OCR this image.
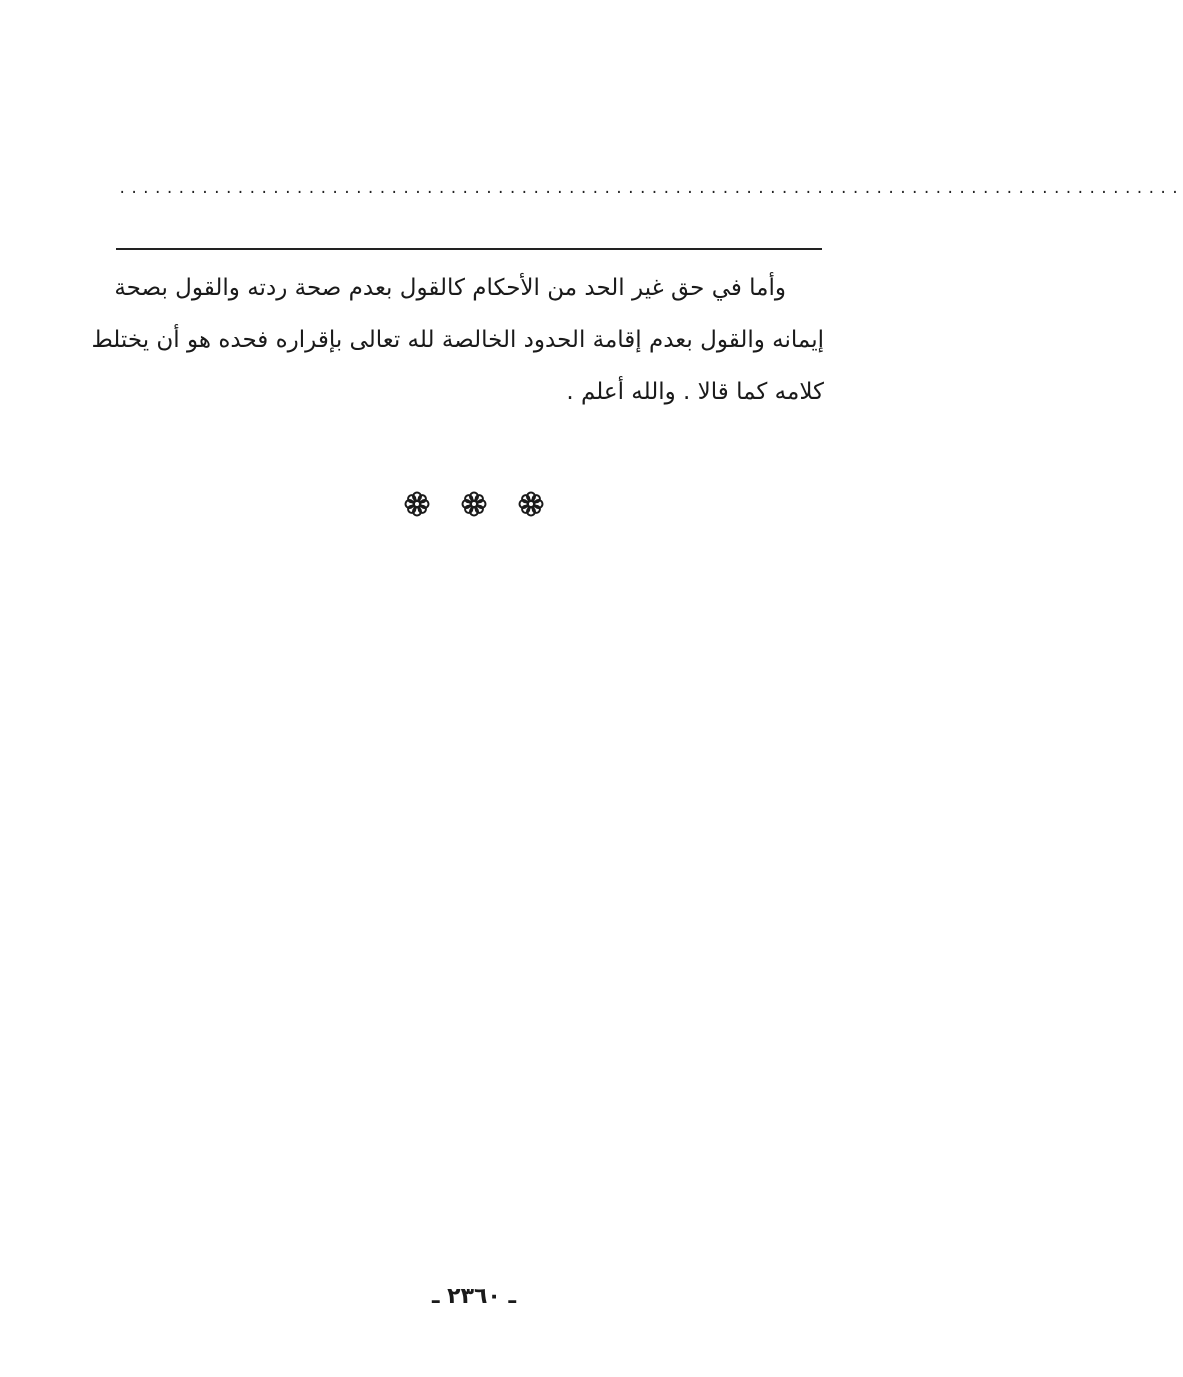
..........................................................................................
وأما في حق غير الحد من الأحكام كالقول بعدم صحة ردته والقول بصحة
إيمانه والقول بعدم إقامة الحدود الخالصة لله تعالى بإقراره فحده هو أن يختلط
كلامه كما قالا . والله أعلم .
ـ ٢٣٦٠ ـ
